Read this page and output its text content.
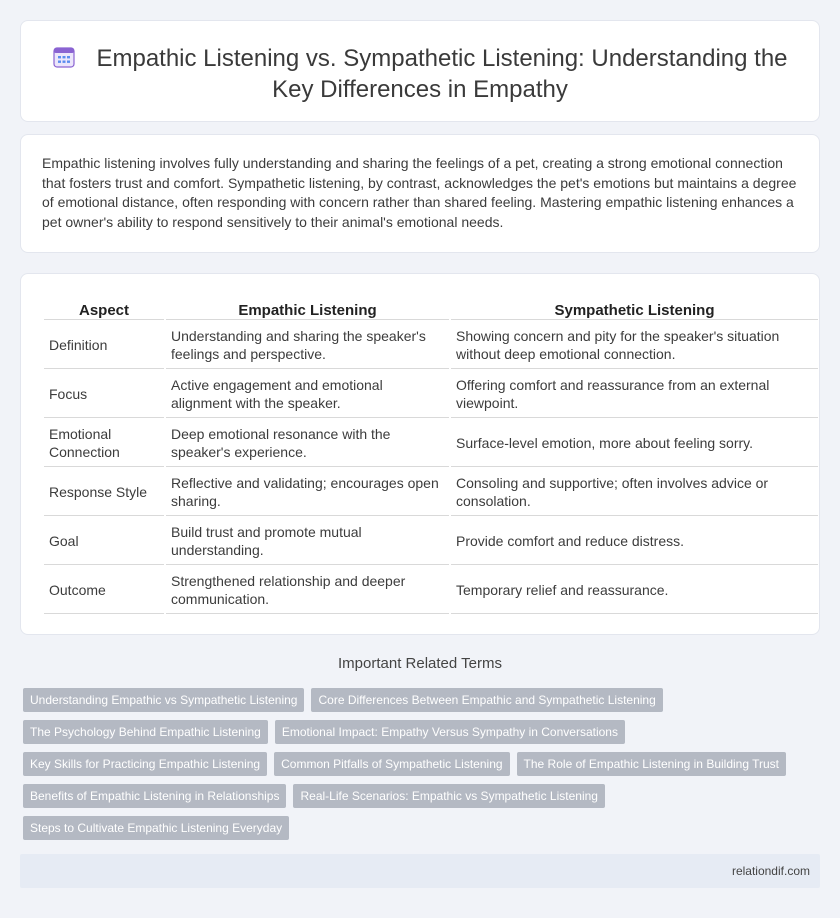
Empathic Listening vs. Sympathetic Listening: Understanding the Key Differences in Empathy

Empathic listening involves fully understanding and sharing the feelings of a pet, creating a strong emotional connection that fosters trust and comfort. Sympathetic listening, by contrast, acknowledges the pet's emotions but maintains a degree of emotional distance, often responding with concern rather than shared feeling. Mastering empathic listening enhances a pet owner's ability to respond sensitively to their animal's emotional needs.

Aspect	Empathic Listening	Sympathetic Listening
Definition	Understanding and sharing the speaker's feelings and perspective.	Showing concern and pity for the speaker's situation without deep emotional connection.
Focus	Active engagement and emotional alignment with the speaker.	Offering comfort and reassurance from an external viewpoint.
Emotional Connection	Deep emotional resonance with the speaker's experience.	Surface-level emotion, more about feeling sorry.
Response Style	Reflective and validating; encourages open sharing.	Consoling and supportive; often involves advice or consolation.
Goal	Build trust and promote mutual understanding.	Provide comfort and reduce distress.
Outcome	Strengthened relationship and deeper communication.	Temporary relief and reassurance.
Important Related Terms
Understanding Empathic vs Sympathetic Listening	Core Differences Between Empathic and Sympathetic Listening
The Psychology Behind Empathic Listening	Emotional Impact: Empathy Versus Sympathy in Conversations
Key Skills for Practicing Empathic Listening	Common Pitfalls of Sympathetic Listening	The Role of Empathic Listening in Building Trust
Benefits of Empathic Listening in Relationships	Real-Life Scenarios: Empathic vs Sympathetic Listening
Steps to Cultivate Empathic Listening Everyday
relationdif.com
